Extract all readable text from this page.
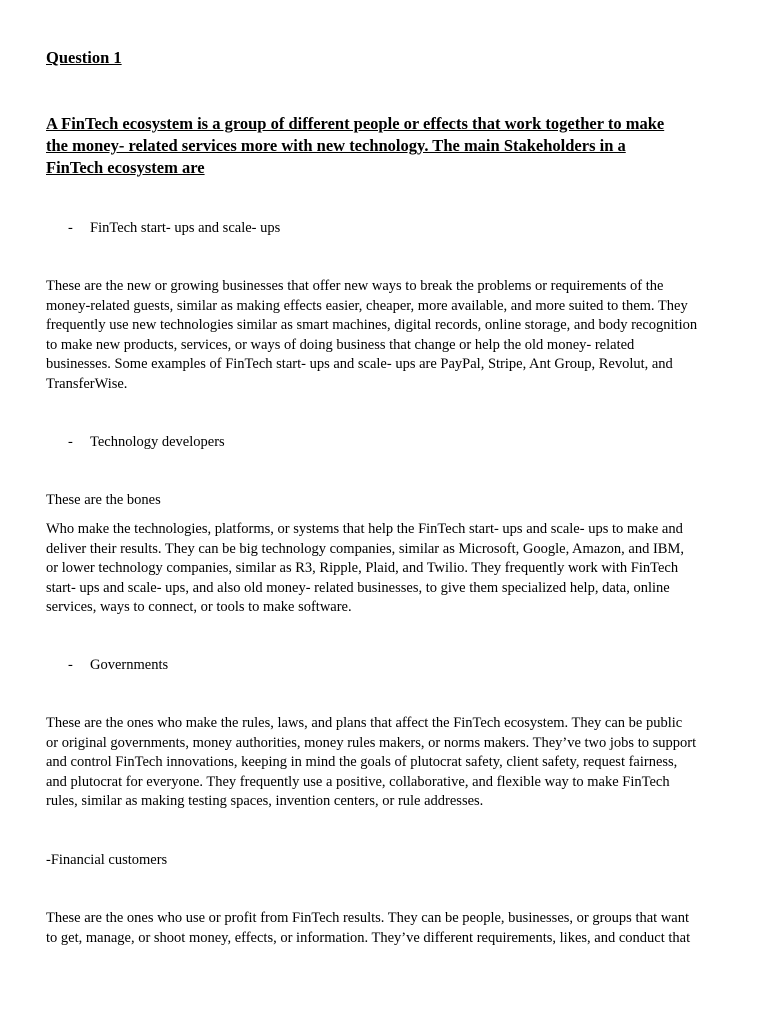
Question 1

A FinTech ecosystem is a group of different people or effects that work together to make
the money- related services more with new technology. The main Stakeholders in a
FinTech ecosystem are

- FinTech start- ups and scale- ups

These are the new or growing businesses that offer new ways to break the problems or requirements of the
money-related guests, similar as making effects easier, cheaper, more available, and more suited to them. They
frequently use new technologies similar as smart machines, digital records, online storage, and body recognition
to make new products, services, or ways of doing business that change or help the old money- related
businesses. Some examples of FinTech start- ups and scale- ups are PayPal, Stripe, Ant Group, Revolut, and
TransferWise.

- Technology developers

These are the bones

Who make the technologies, platforms, or systems that help the FinTech start- ups and scale- ups to make and
deliver their results. They can be big technology companies, similar as Microsoft, Google, Amazon, and IBM,
or lower technology companies, similar as R3, Ripple, Plaid, and Twilio. They frequently work with FinTech
start- ups and scale- ups, and also old money- related businesses, to give them specialized help, data, online
services, ways to connect, or tools to make software.

- Governments

These are the ones who make the rules, laws, and plans that affect the FinTech ecosystem. They can be public
or original governments, money authorities, money rules makers, or norms makers. They’ve two jobs to support
and control FinTech innovations, keeping in mind the goals of plutocrat safety, client safety, request fairness,
and plutocrat for everyone. They frequently use a positive, collaborative, and flexible way to make FinTech
rules, similar as making testing spaces, invention centers, or rule addresses.

-Financial customers

These are the ones who use or profit from FinTech results. They can be people, businesses, or groups that want
to get, manage, or shoot money, effects, or information. They’ve different requirements, likes, and conduct that
